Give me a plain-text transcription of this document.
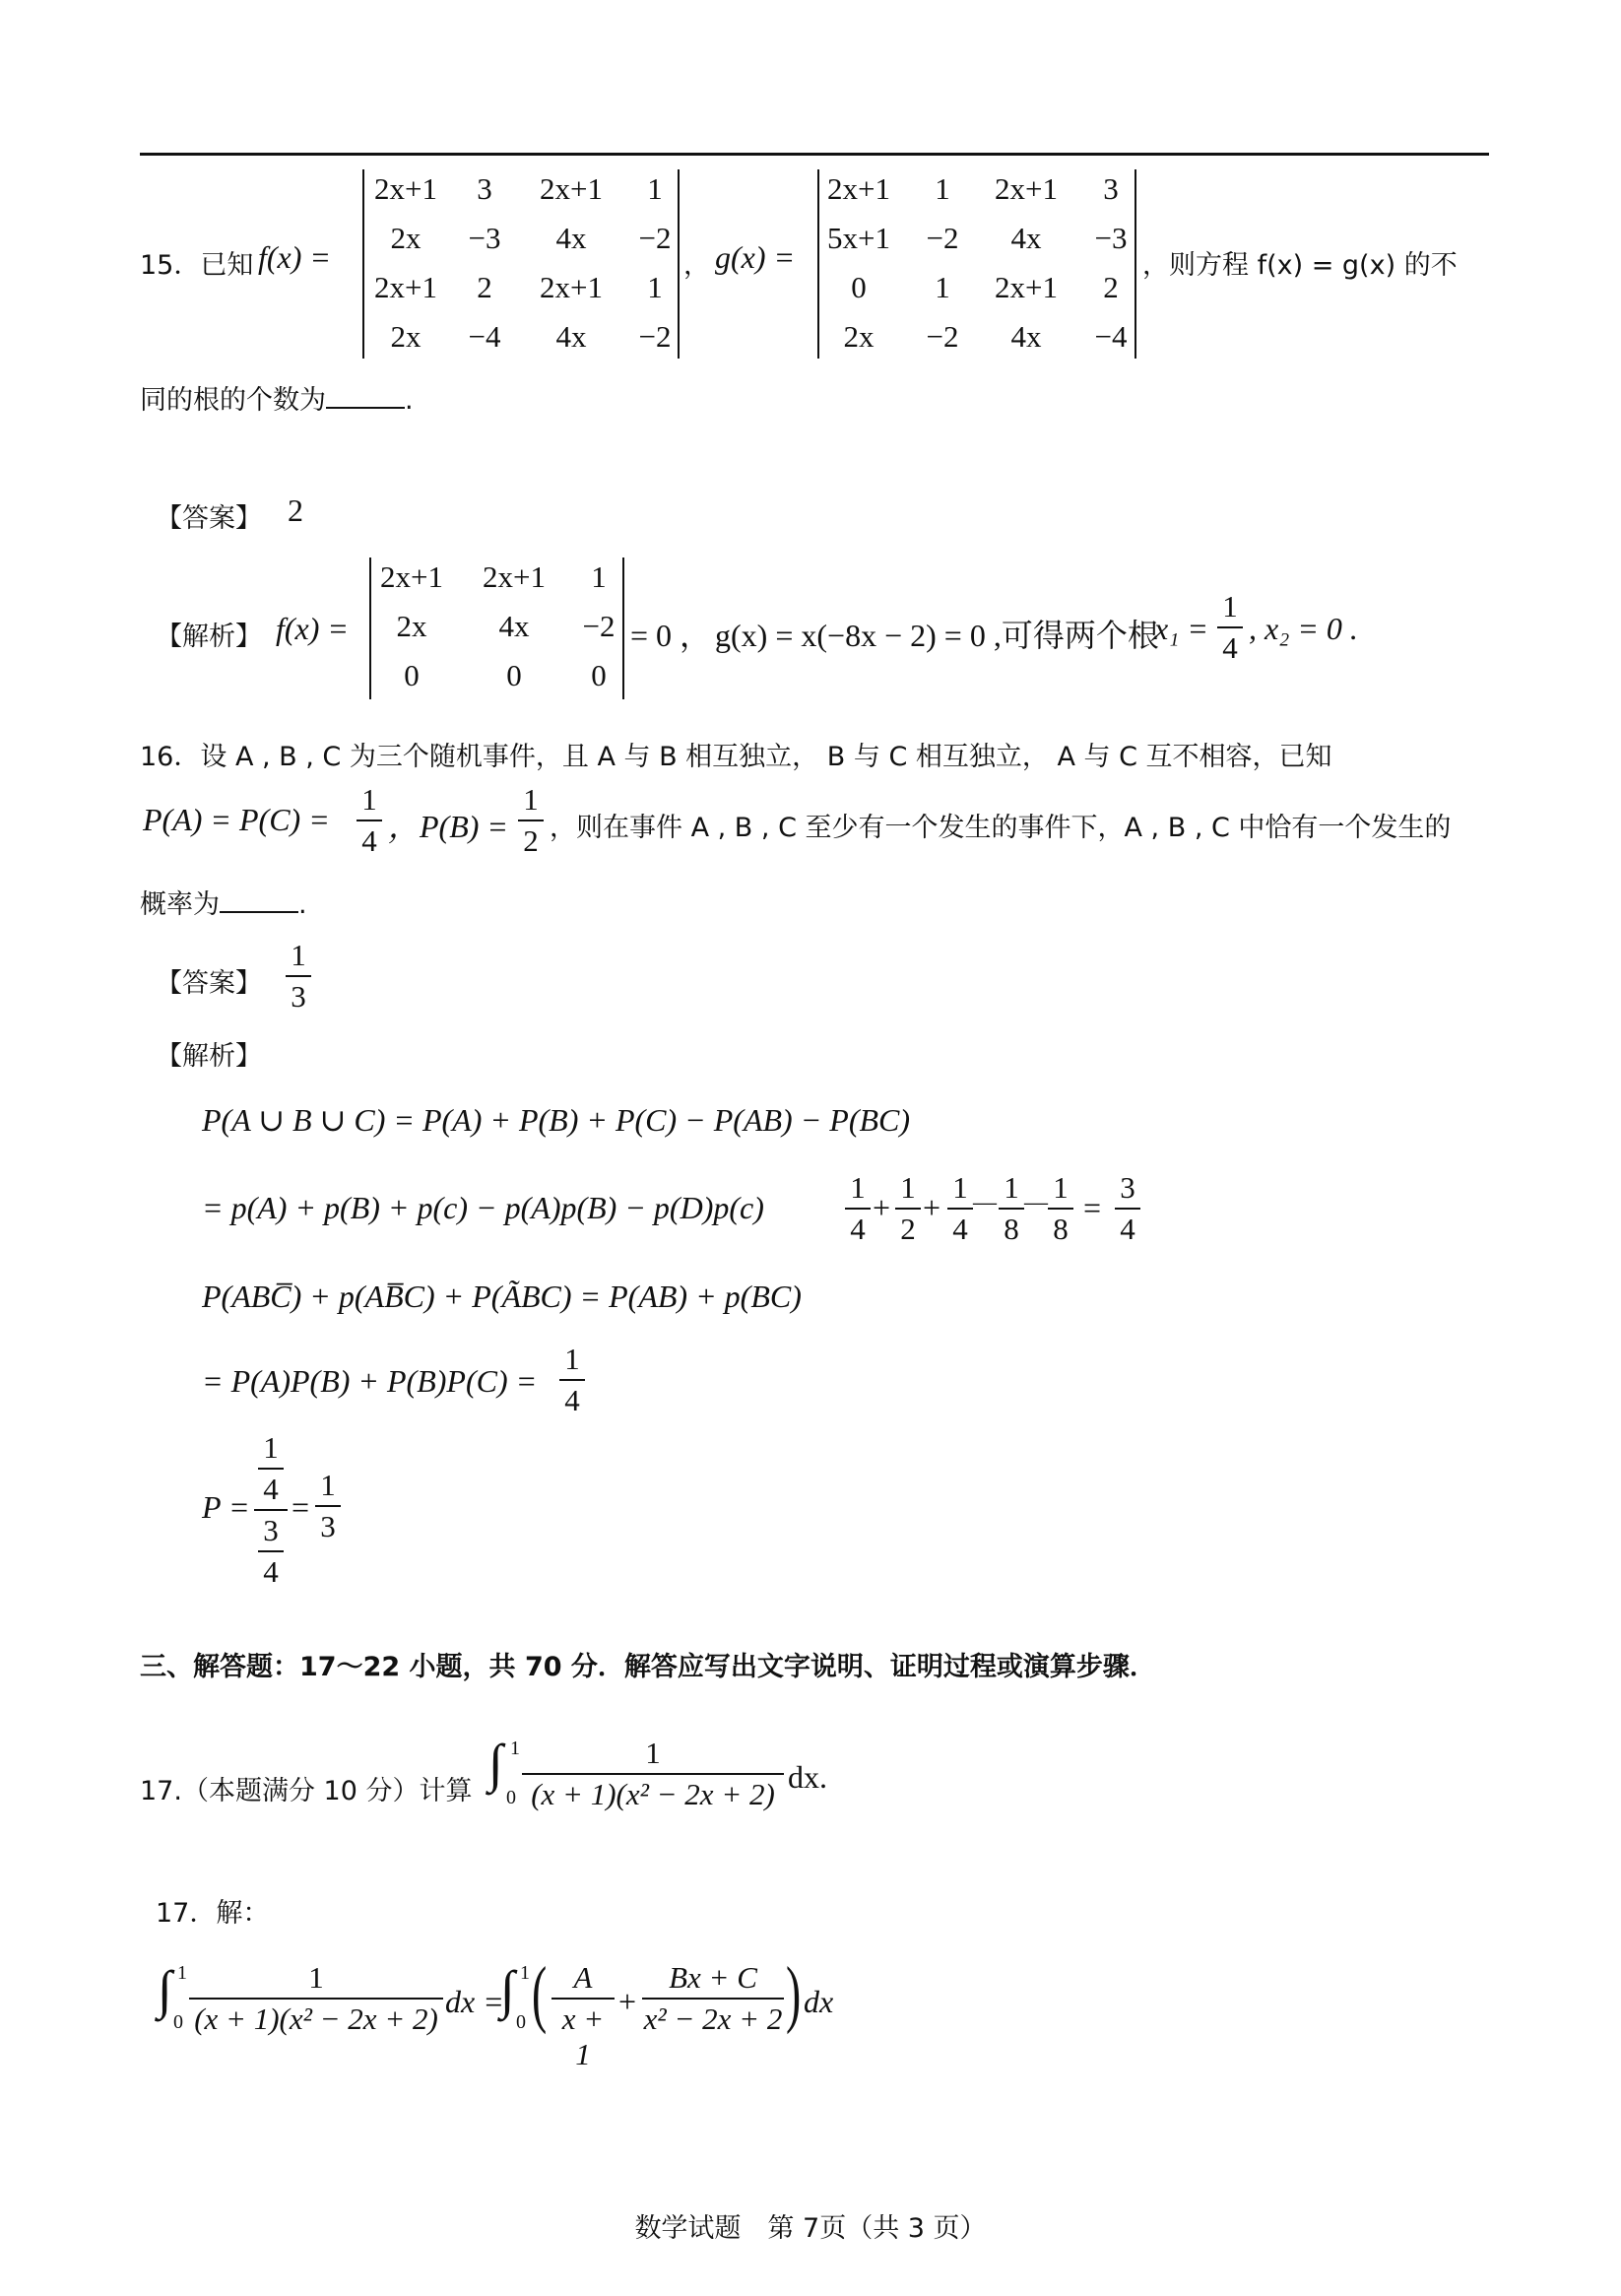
15．已知 f(x) =
2x+1	3	2x+1	1
2x	−3	4x	−2
2x+1	2	2x+1	1
2x	−4	4x	−2
， g(x) =
2x+1	1	2x+1	3
5x+1	−2	4x	−3
0	1	2x+1	2
2x	−2	4x	−4
，则方程 f(x) = g(x) 的不
同的根的个数为	.
【答案】 2
【解析】 f(x) =
2x+1	2x+1	1
2x	4x	−2
0	0	0
= 0 ， g(x) = x(−8x − 2) = 0 ,可得两个根
x₁ =
1
4
, x₂ = 0 .
16．设 A , B , C 为三个随机事件，且 A 与 B 相互独立， B 与 C 相互独立， A 与 C 互不相容，已知
P(A) = P(C) =
1
4 ，P(B) =
1
2 ，则在事件 A , B , C 至少有一个发生的事件下，A , B , C 中恰有一个发生的
概率为	.
【答案】
1
3
【解析】
P(A ∪ B ∪ C) = P(A) + P(B) + P(C) − P(AB) − P(BC)
= p(A) + p(B) + p(c) − p(A)p(B) − p(D)p(c)
1
4
+
1
2
+
1
4
— 1
8
— 1
8
=
3
4
P(ABC̅) + p(AB̅C) + P(ÃBC) = P(AB) + p(BC)
= P(A)P(B) + P(B)P(C) =
1
4
P =
1
4
3
4
=
1
3
三、解答题：17～22 小题，共 70 分．解答应写出文字说明、证明过程或演算步骤．
17.（本题满分 10 分）计算 ∫ 1
0
1
(x + 1)(x² − 2x + 2) dx.
17．解：
∫ 1
0
1
(x + 1)(x² − 2x + 2) dx =
∫ 1
0 ( A
x + 1
+
Bx + C
x² − 2x + 2 ) dx
数学试题　第 7页（共 3 页）
